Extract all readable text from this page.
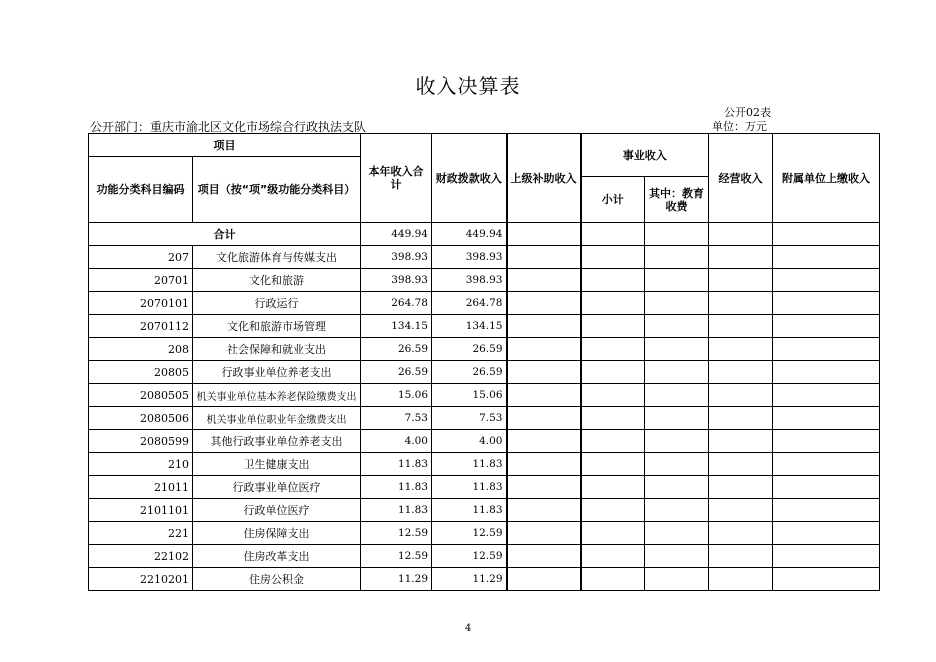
收入决算表
公开02表
公开部门：重庆市渝北区文化市场综合行政执法支队	单位：万元
项目		本年收入合计	财政拨款收入	上级补助收入	事业收入		经营收入	附属单位上缴收入
功能分类科目编码	项目（按“项”级功能分类科目）							
					小计	其中：教育收费		
合计		449.94	449.94					
207	文化旅游体育与传媒支出	398.93	398.93					
20701	文化和旅游	398.93	398.93					
2070101	行政运行	264.78	264.78					
2070112	文化和旅游市场管理	134.15	134.15					
208	社会保障和就业支出	26.59	26.59					
20805	行政事业单位养老支出	26.59	26.59					
2080505	机关事业单位基本养老保险缴费支出	15.06	15.06					
2080506	机关事业单位职业年金缴费支出	7.53	7.53					
2080599	其他行政事业单位养老支出	4.00	4.00					
210	卫生健康支出	11.83	11.83					
21011	行政事业单位医疗	11.83	11.83					
2101101	行政单位医疗	11.83	11.83					
221	住房保障支出	12.59	12.59					
22102	住房改革支出	12.59	12.59					
2210201	住房公积金	11.29	11.29					
4
